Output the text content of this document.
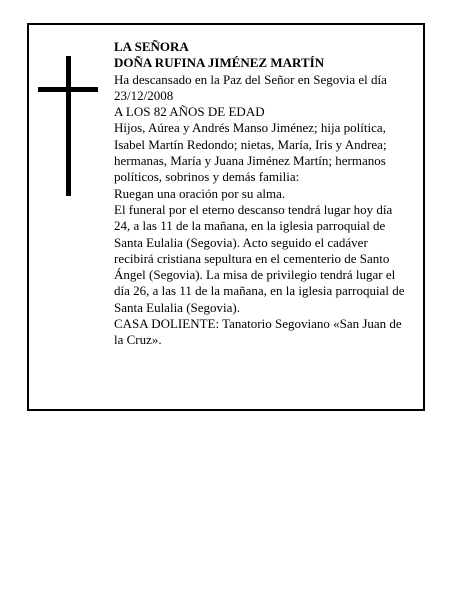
LA SEÑORA

DOÑA RUFINA JIMÉNEZ MARTÍN

Ha descansado en la Paz del Señor en Segovia el día 23/12/2008

A LOS 82 AÑOS DE EDAD

Hijos, Aúrea y Andrés Manso Jiménez; hija política, Isabel Martín Redondo; nietas, María, Iris y Andrea; hermanas, María y Juana Jiménez Martín; hermanos políticos, sobrinos y demás familia:

Ruegan una oración por su alma.

El funeral por el eterno descanso tendrá lugar hoy día 24, a las 11 de la mañana, en la iglesia parroquial de Santa Eulalia (Segovia). Acto seguido el cadáver recibirá cristiana sepultura en el cementerio de Santo Ángel (Segovia). La misa de privilegio tendrá lugar el día 26, a las 11 de la mañana, en la iglesia parroquial de Santa Eulalia (Segovia).

CASA DOLIENTE: Tanatorio Segoviano «San Juan de la Cruz».
